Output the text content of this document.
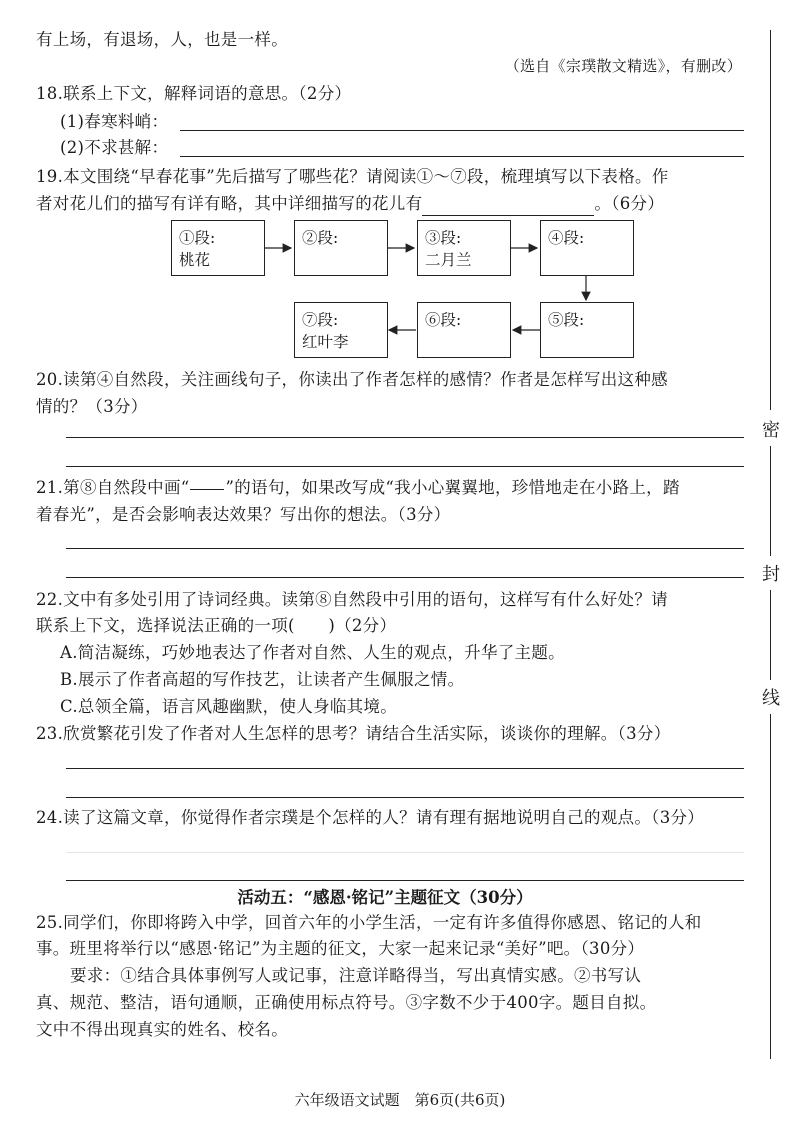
有上场，有退场，人，也是一样。
（选自《宗璞散文精选》，有删改）
18.联系上下文，解释词语的意思。（2分）
(1)春寒料峭：
(2)不求甚解：
19.本文围绕“早春花事”先后描写了哪些花？请阅读①～⑦段，梳理填写以下表格。作
者对花儿们的描写有详有略，其中详细描写的花儿有	。（6分）
①段:
桃花
②段:	③段:
二月兰
④段:
⑤段:
⑥段:
⑦段:
红叶李
20.读第④自然段，关注画线句子，你读出了作者怎样的感情？作者是怎样写出这种感
情的？（3分）
21.第⑧自然段中画“ ”的语句，如果改写成“我小心翼翼地，珍惜地走在小路上，踏
着春光”，是否会影响表达效果？写出你的想法。（3分）
22.文中有多处引用了诗词经典。读第⑧自然段中引用的语句，这样写有什么好处？请
联系上下文，选择说法正确的一项(　　)（2分）
A.简洁凝练，巧妙地表达了作者对自然、人生的观点，升华了主题。
B.展示了作者高超的写作技艺，让读者产生佩服之情。
C.总领全篇，语言风趣幽默，使人身临其境。
23.欣赏繁花引发了作者对人生怎样的思考？请结合生活实际，谈谈你的理解。（3分）
24.读了这篇文章，你觉得作者宗璞是个怎样的人？请有理有据地说明自己的观点。（3分）
活动五：“感恩·铭记”主题征文（30分）
25.同学们，你即将跨入中学，回首六年的小学生活，一定有许多值得你感恩、铭记的人和
事。班里将举行以“感恩·铭记”为主题的征文，大家一起来记录“美好”吧。（30分）
要求：①结合具体事例写人或记事，注意详略得当，写出真情实感。②书写认
真、规范、整洁，语句通顺，正确使用标点符号。③字数不少于400字。题目自拟。
文中不得出现真实的姓名、校名。
密
封
线
六年级语文试题　第6页(共6页)
